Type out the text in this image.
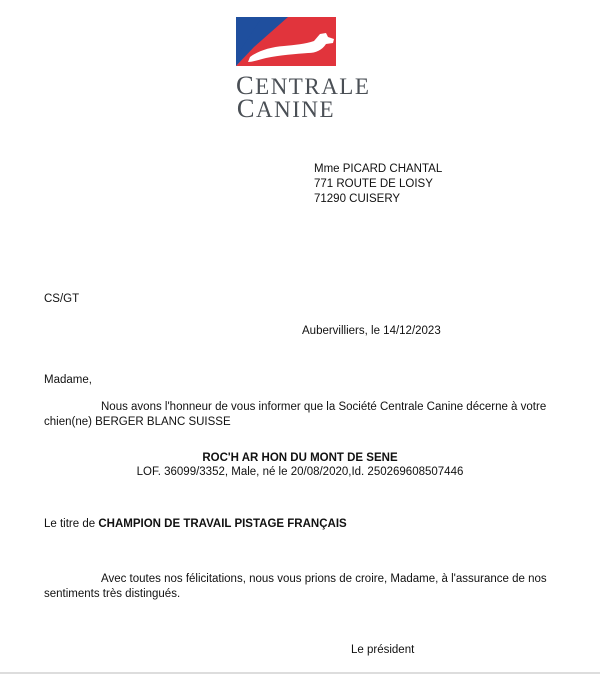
CENTRALE
CANINE
Mme PICARD CHANTAL
771 ROUTE DE LOISY
71290 CUISERY
CS/GT
Aubervilliers, le 14/12/2023
Madame,
Nous avons l'honneur de vous informer que la Société Centrale Canine décerne à votre
chien(ne) BERGER BLANC SUISSE
ROC'H AR HON DU MONT DE SENE
LOF. 36099/3352, Male, né le 20/08/2020,Id. 250269608507446
Le titre de CHAMPION DE TRAVAIL PISTAGE FRANÇAIS
Avec toutes nos félicitations, nous vous prions de croire, Madame, à l'assurance de nos
sentiments très distingués.
Le président
